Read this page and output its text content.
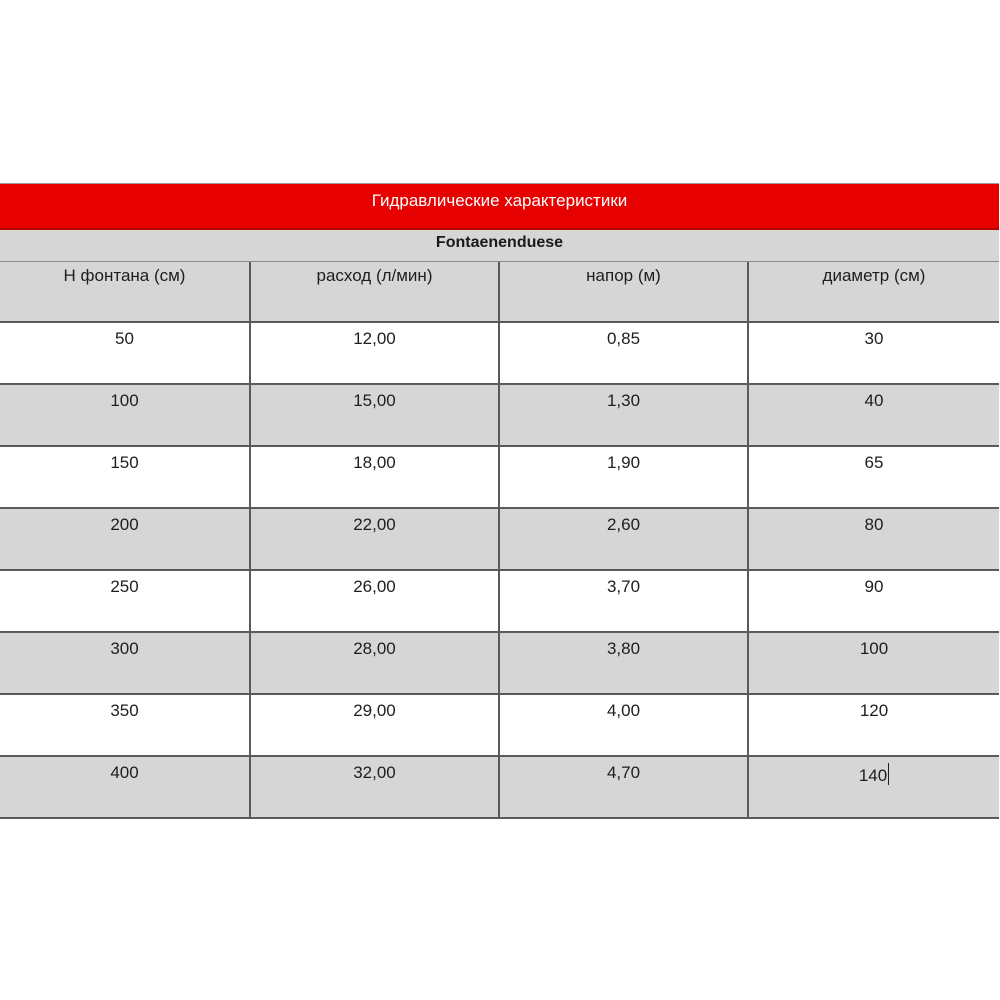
Гидравлические характеристики
Fontaenenduese
H фонтана (см)	расход (л/мин)	напор (м)	диаметр (см)
50	12,00	0,85	30
100	15,00	1,30	40
150	18,00	1,90	65
200	22,00	2,60	80
250	26,00	3,70	90
300	28,00	3,80	100
350	29,00	4,00	120
400	32,00	4,70	140
